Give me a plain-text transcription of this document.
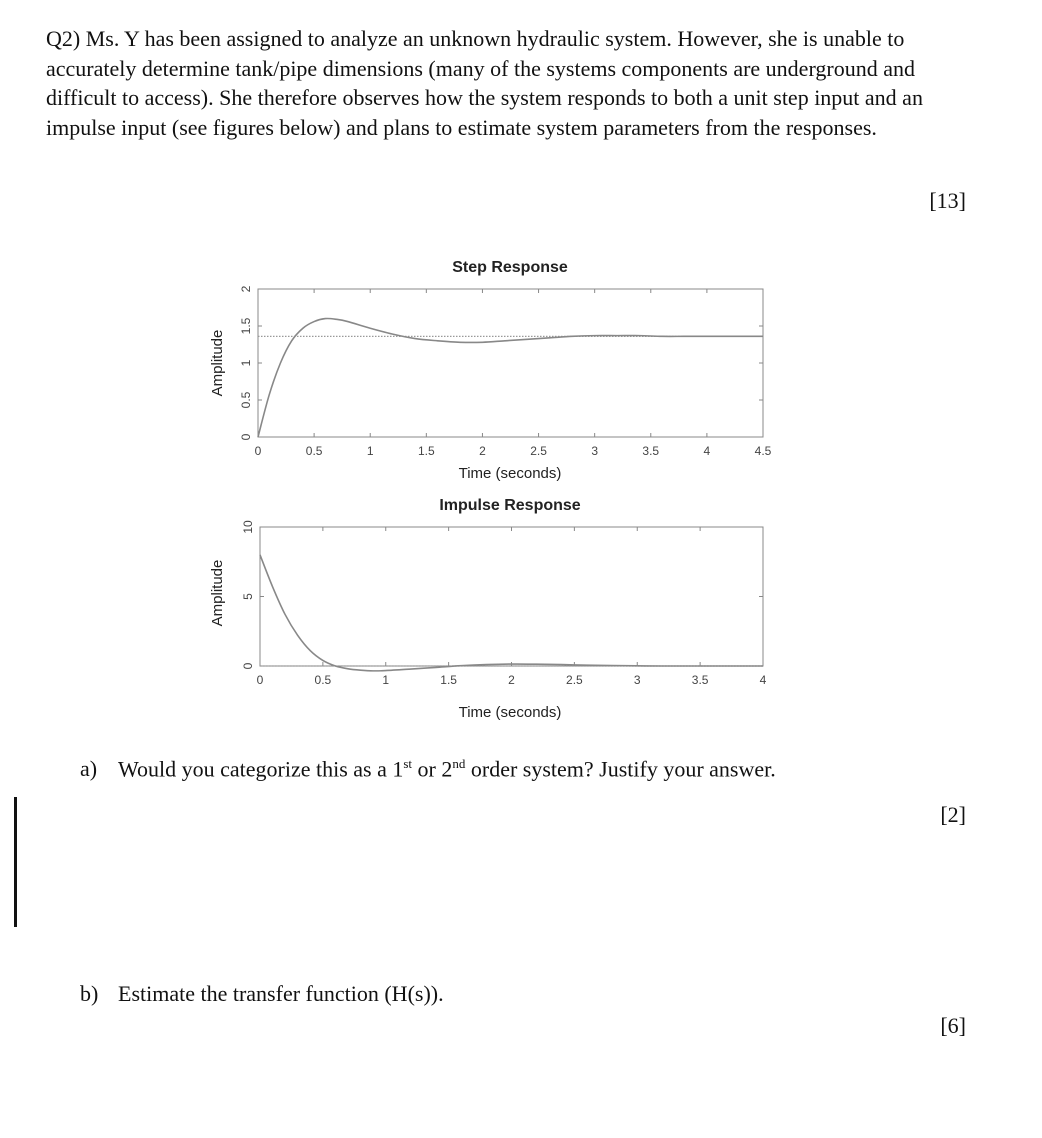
Q2) Ms. Y has been assigned to analyze an unknown hydraulic system. However, she is unable to accurately determine tank/pipe dimensions (many of the systems components are underground and difficult to access). She therefore observes how the system responds to both a unit step input and an impulse input (see figures below) and plans to estimate system parameters from the responses.
[13]
Step Response
Time (seconds)
Amplitude
0	0.5	1	1.5	2	2.5	3	3.5	4	4.5
0
0.5
1
1.5
2
Impulse Response
Time (seconds)
Amplitude
0	0.5	1	1.5	2	2.5	3	3.5	4
0
5
10
a) Would you categorize this as a 1st or 2nd order system? Justify your answer.
[2]
b) Estimate the transfer function (H(s)).
[6]
